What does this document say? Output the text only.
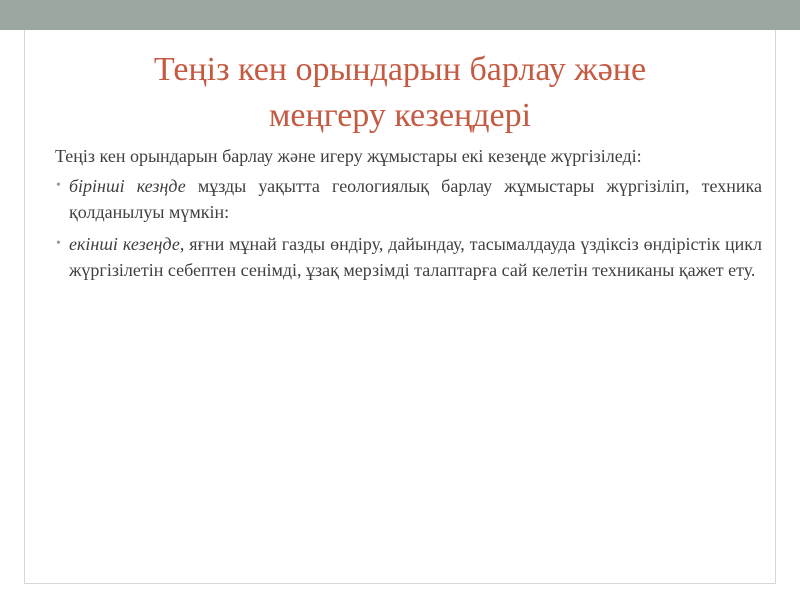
Теңіз кен орындарын барлау және
меңгеру кезеңдері

Теңіз кен орындарын барлау және игеру жұмыстары екі кезеңде жүргізіледі:

• бірінші кезңде мұзды уақытта геологиялық барлау жұмыстары жүргізіліп, техника қолданылуы мүмкін:
• екінші кезеңде, яғни мұнай газды өндіру, дайындау, тасымалдауда үздіксіз өндірістік цикл жүргізілетін себептен сенімді, ұзақ мерзімді талаптарға сай келетін техниканы қажет ету.
